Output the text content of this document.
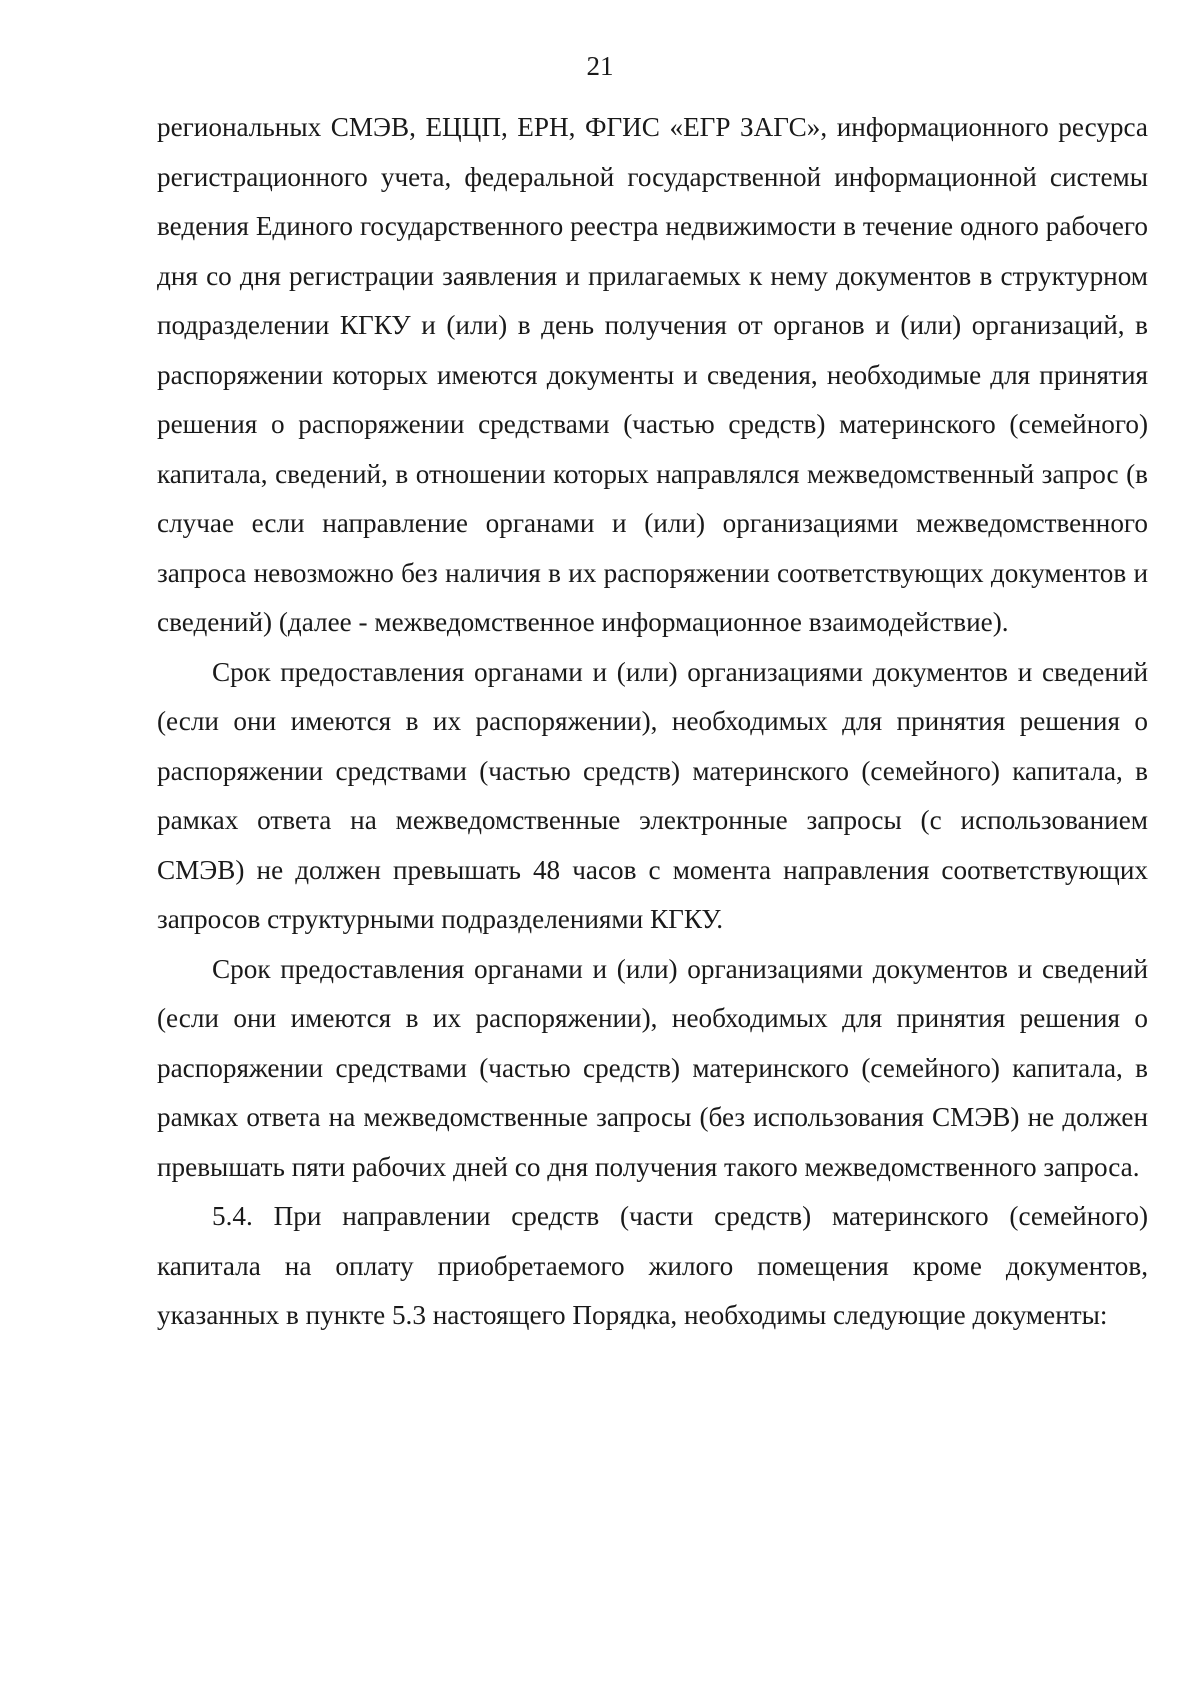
21

региональных СМЭВ, ЕЦЦП, ЕРН, ФГИС «ЕГР ЗАГС», информационного ресурса регистрационного учета, федеральной государственной информационной системы ведения Единого государственного реестра недвижимости в течение одного рабочего дня со дня регистрации заявления и прилагаемых к нему документов в структурном подразделении КГКУ и (или) в день получения от органов и (или) организаций, в распоряжении которых имеются документы и сведения, необходимые для принятия решения о распоряжении средствами (частью средств) материнского (семейного) капитала, сведений, в отношении которых направлялся межведомственный запрос (в случае если направление органами и (или) организациями межведомственного запроса невозможно без наличия в их распоряжении соответствующих документов и сведений) (далее - межведомственное информационное взаимодействие).

Срок предоставления органами и (или) организациями документов и сведений (если они имеются в их распоряжении), необходимых для принятия решения о распоряжении средствами (частью средств) материнского (семейного) капитала, в рамках ответа на межведомственные электронные запросы (с использованием СМЭВ) не должен превышать 48 часов с момента направления соответствующих запросов структурными подразделениями КГКУ.

Срок предоставления органами и (или) организациями документов и сведений (если они имеются в их распоряжении), необходимых для принятия решения о распоряжении средствами (частью средств) материнского (семейного) капитала, в рамках ответа на межведомственные запросы (без использования СМЭВ) не должен превышать пяти рабочих дней со дня получения такого межведомственного запроса.

5.4. При направлении средств (части средств) материнского (семейного) капитала на оплату приобретаемого жилого помещения кроме документов, указанных в пункте 5.3 настоящего Порядка, необходимы следующие документы:
